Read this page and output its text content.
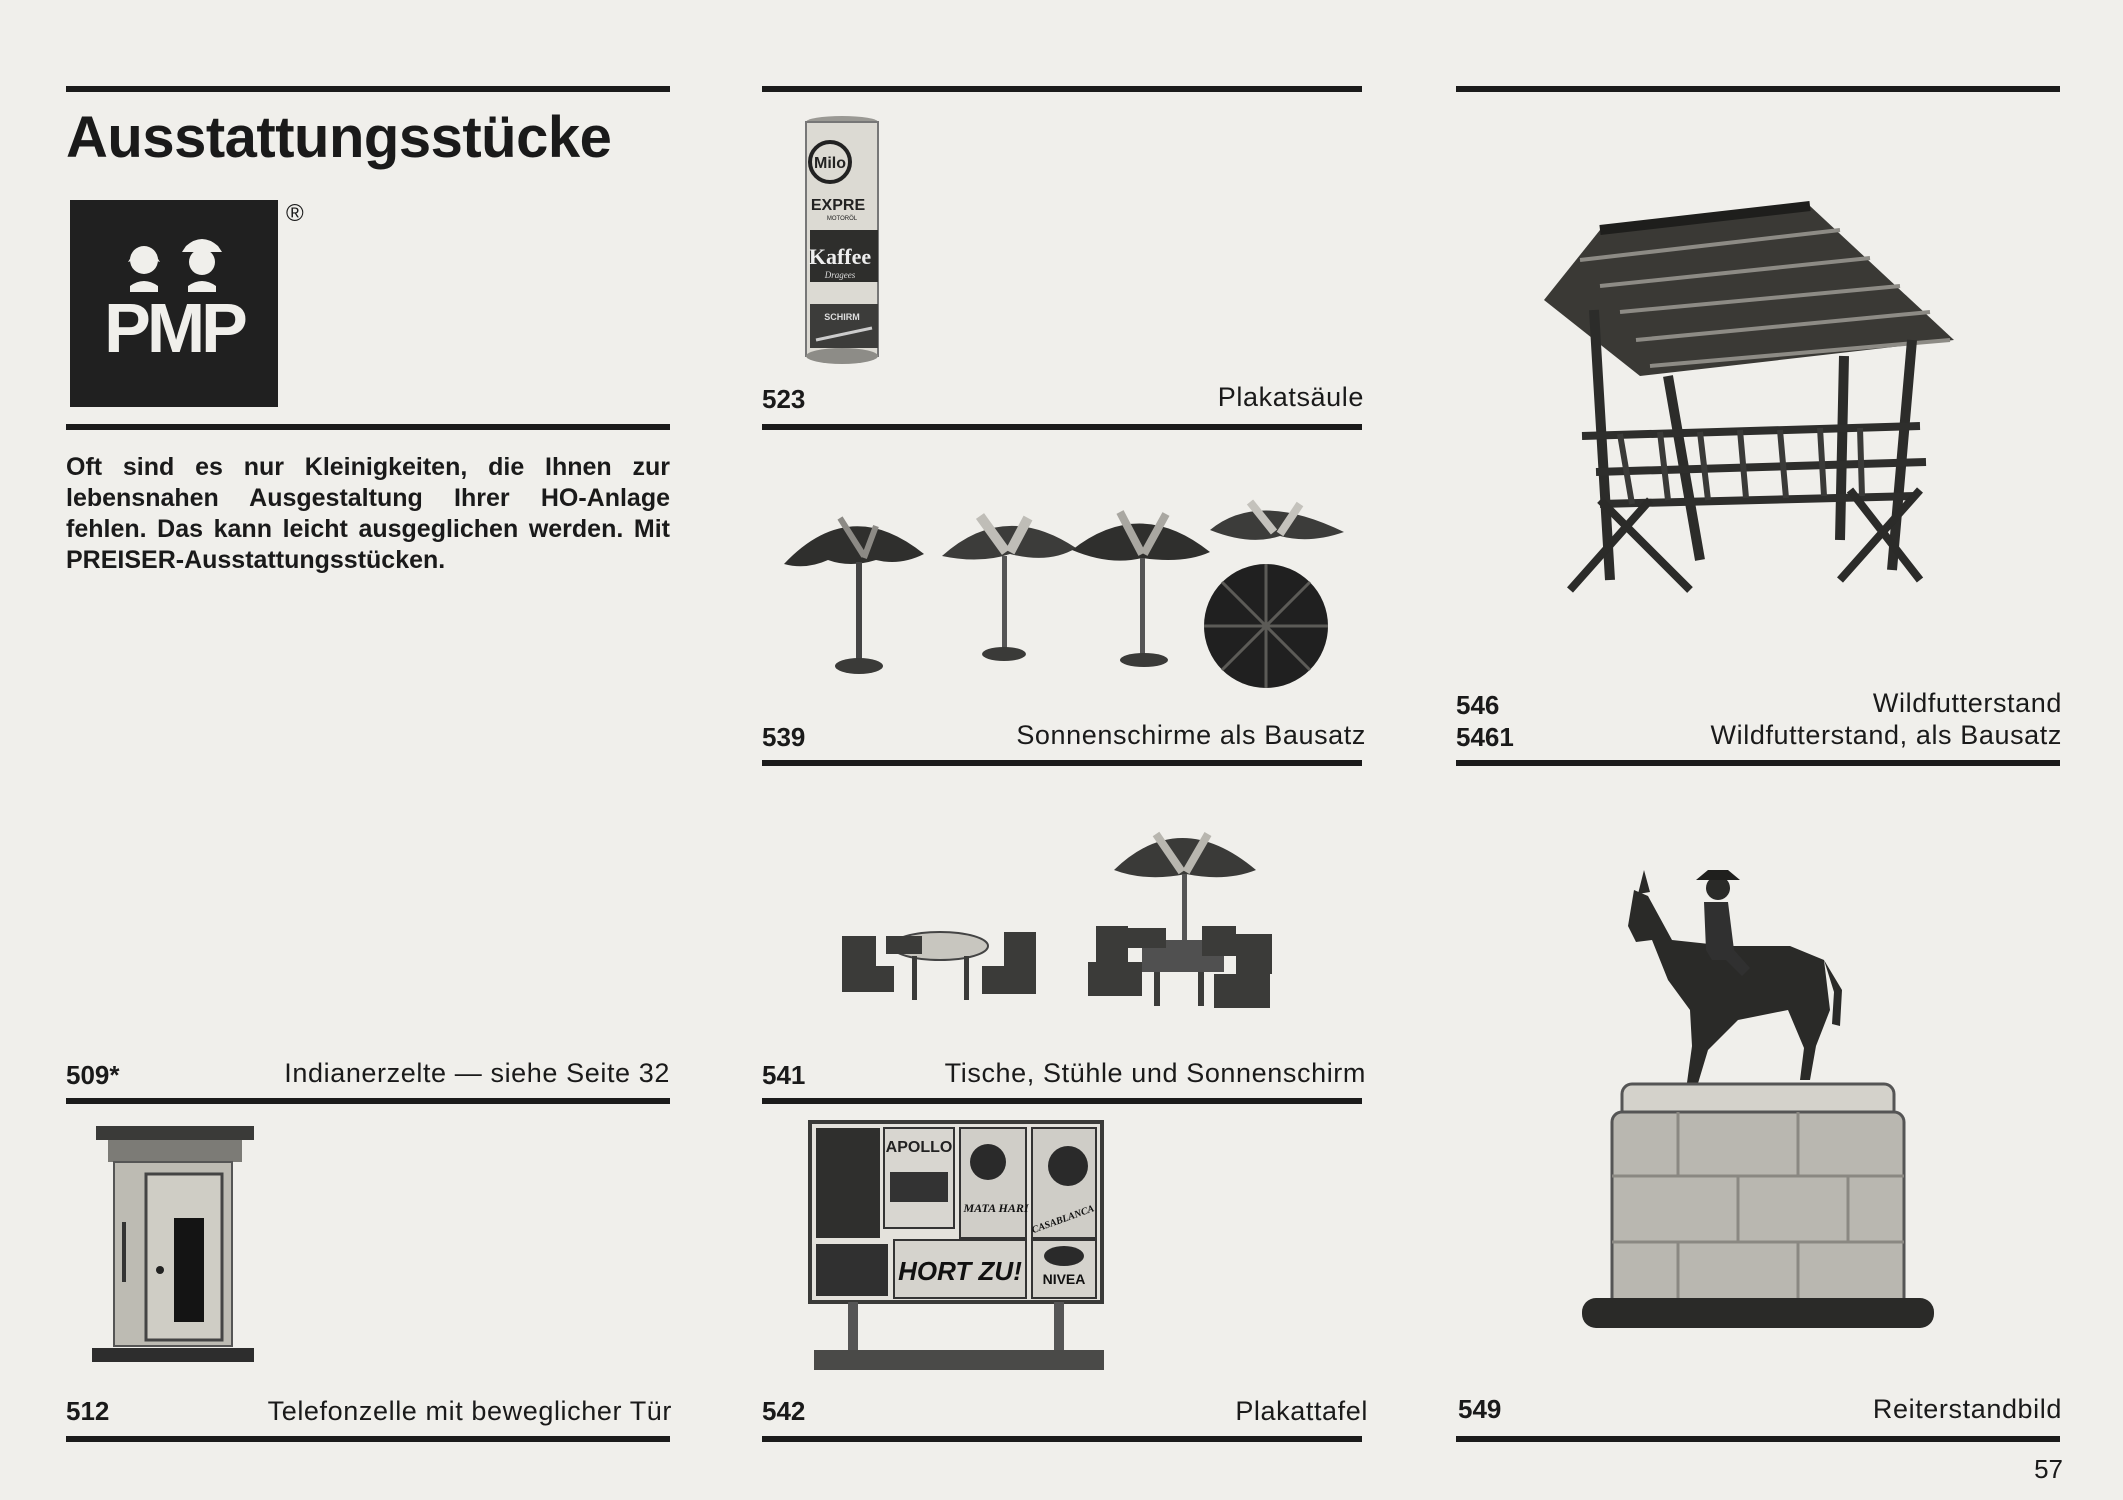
Ausstattungsstücke
PMP
®
Oft sind es nur Kleinigkeiten, die Ihnen zur lebensnahen Ausgestaltung Ihrer HO-Anlage fehlen. Das kann leicht ausgeglichen werden. Mit PREISER-Ausstattungsstücken.
509*	Indianerzelte — siehe Seite 32
512	Telefonzelle mit beweglicher Tür
Milo
EXPRE
MOTORÖL
Kaffee
Dragees
SCHIRM
523	Plakatsäule
539	Sonnenschirme als Bausatz
541	Tische, Stühle und Sonnenschirm
APOLLO
MATA HARI CASABLANCA
HORT ZU! NIVEA
542	Plakattafel
546	Wildfutterstand
5461	Wildfutterstand, als Bausatz
549	Reiterstandbild
57
